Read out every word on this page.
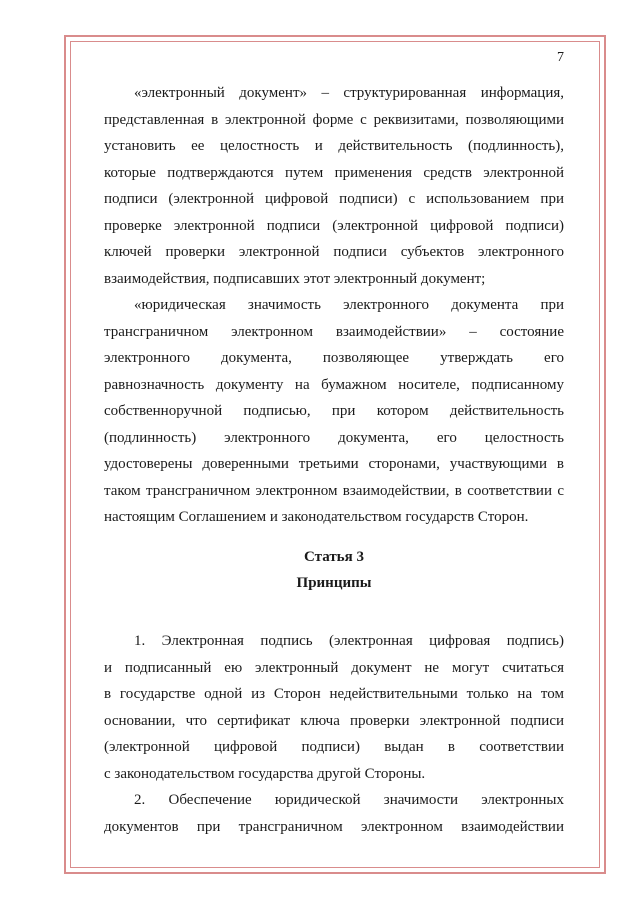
7
«электронный документ» – структурированная информация,
представленная в электронной форме с реквизитами, позволяющими
установить ее целостность и действительность (подлинность),
которые подтверждаются путем применения средств электронной
подписи (электронной цифровой подписи) с использованием при
проверке электронной подписи (электронной цифровой подписи)
ключей проверки электронной подписи субъектов электронного
взаимодействия, подписавших этот электронный документ;
«юридическая значимость электронного документа при
трансграничном электронном взаимодействии» – состояние
электронного документа, позволяющее утверждать его
равнозначность документу на бумажном носителе, подписанному
собственноручной подписью, при котором действительность
(подлинность) электронного документа, его целостность
удостоверены доверенными третьими сторонами, участвующими в
таком трансграничном электронном взаимодействии, в соответствии с
настоящим Соглашением и законодательством государств Сторон.
Статья 3
Принципы
1. Электронная подпись (электронная цифровая подпись)
и подписанный ею электронный документ не могут считаться
в государстве одной из Сторон недействительными только на том
основании, что сертификат ключа проверки электронной подписи
(электронной цифровой подписи) выдан в соответствии
с законодательством государства другой Стороны.
2. Обеспечение юридической значимости электронных
документов при трансграничном электронном взаимодействии
